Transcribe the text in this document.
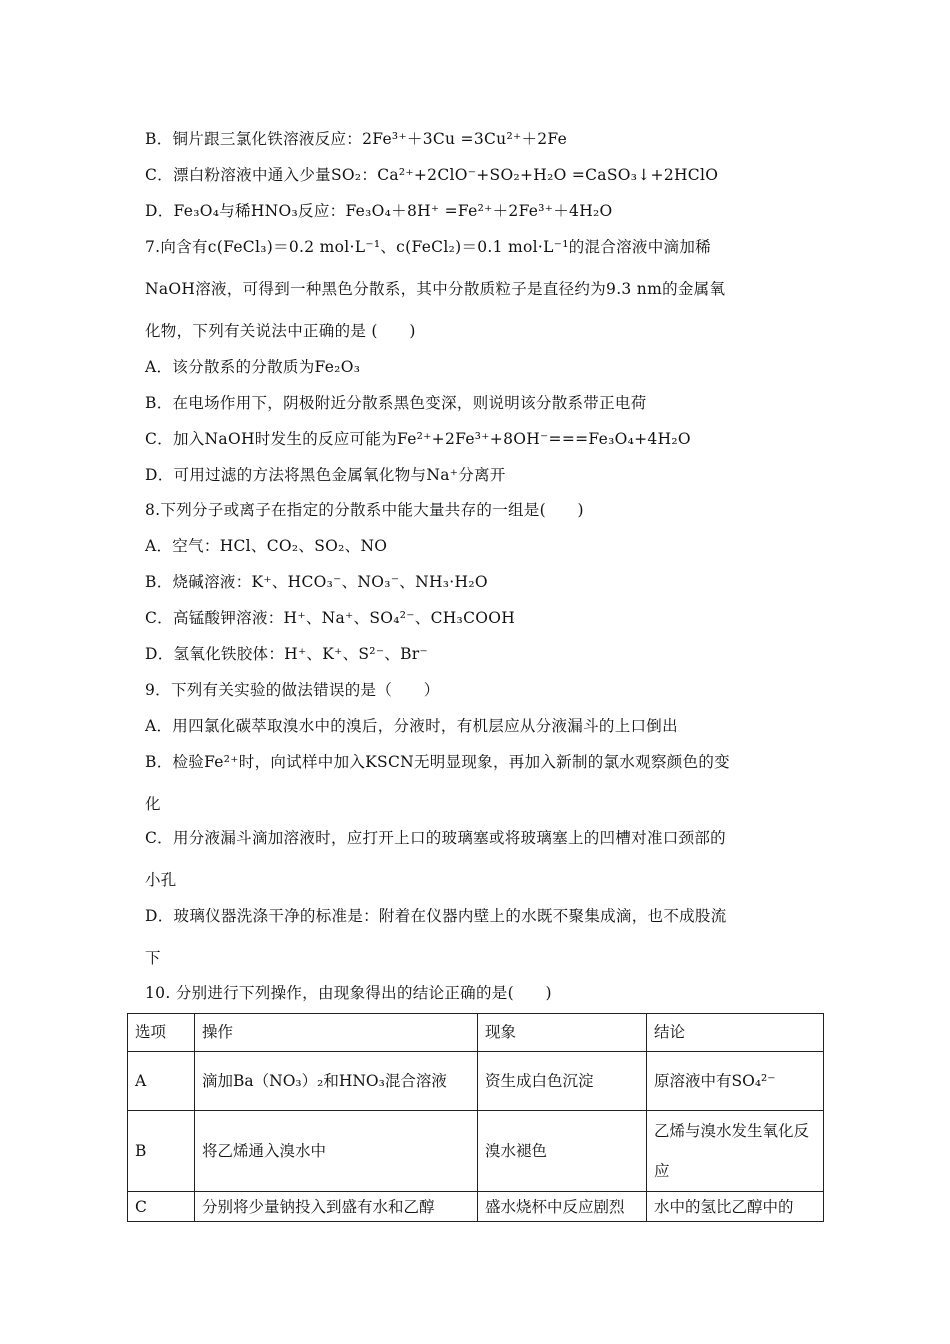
B．铜片跟三氯化铁溶液反应：2Fe³⁺＋3Cu =3Cu²⁺＋2Fe
C．漂白粉溶液中通入少量SO₂：Ca²⁺+2ClO⁻+SO₂+H₂O =CaSO₃↓+2HClO
D．Fe₃O₄与稀HNO₃反应：Fe₃O₄＋8H⁺ =Fe²⁺＋2Fe³⁺＋4H₂O
7.向含有c(FeCl₃)＝0.2 mol·L⁻¹、c(FeCl₂)＝0.1 mol·L⁻¹的混合溶液中滴加稀
NaOH溶液，可得到一种黑色分散系，其中分散质粒子是直径约为9.3 nm的金属氧
化物，下列有关说法中正确的是 (　　)
A．该分散系的分散质为Fe₂O₃
B．在电场作用下，阴极附近分散系黑色变深，则说明该分散系带正电荷
C．加入NaOH时发生的反应可能为Fe²⁺+2Fe³⁺+8OH⁻===Fe₃O₄+4H₂O
D．可用过滤的方法将黑色金属氧化物与Na⁺分离开
8.下列分子或离子在指定的分散系中能大量共存的一组是(　　)
A．空气：HCl、CO₂、SO₂、NO
B．烧碱溶液：K⁺、HCO₃⁻、NO₃⁻、NH₃·H₂O
C．高锰酸钾溶液：H⁺、Na⁺、SO₄²⁻、CH₃COOH
D．氢氧化铁胶体：H⁺、K⁺、S²⁻、Br⁻
9．下列有关实验的做法错误的是（　　）
A．用四氯化碳萃取溴水中的溴后，分液时，有机层应从分液漏斗的上口倒出
B．检验Fe²⁺时，向试样中加入KSCN无明显现象，再加入新制的氯水观察颜色的变
化
C．用分液漏斗滴加溶液时，应打开上口的玻璃塞或将玻璃塞上的凹槽对准口颈部的
小孔
D．玻璃仪器洗涤干净的标准是：附着在仪器内壁上的水既不聚集成滴，也不成股流
下
10. 分别进行下列操作，由现象得出的结论正确的是(　　)
选项	操作	现象	结论
A	滴加Ba（NO₃）₂和HNO₃混合溶液	资生成白色沉淀	原溶液中有SO₄²⁻
B	将乙烯通入溴水中	溴水褪色	乙烯与溴水发生氧化反应
C	分别将少量钠投入到盛有水和乙醇	盛水烧杯中反应剧烈	水中的氢比乙醇中的
